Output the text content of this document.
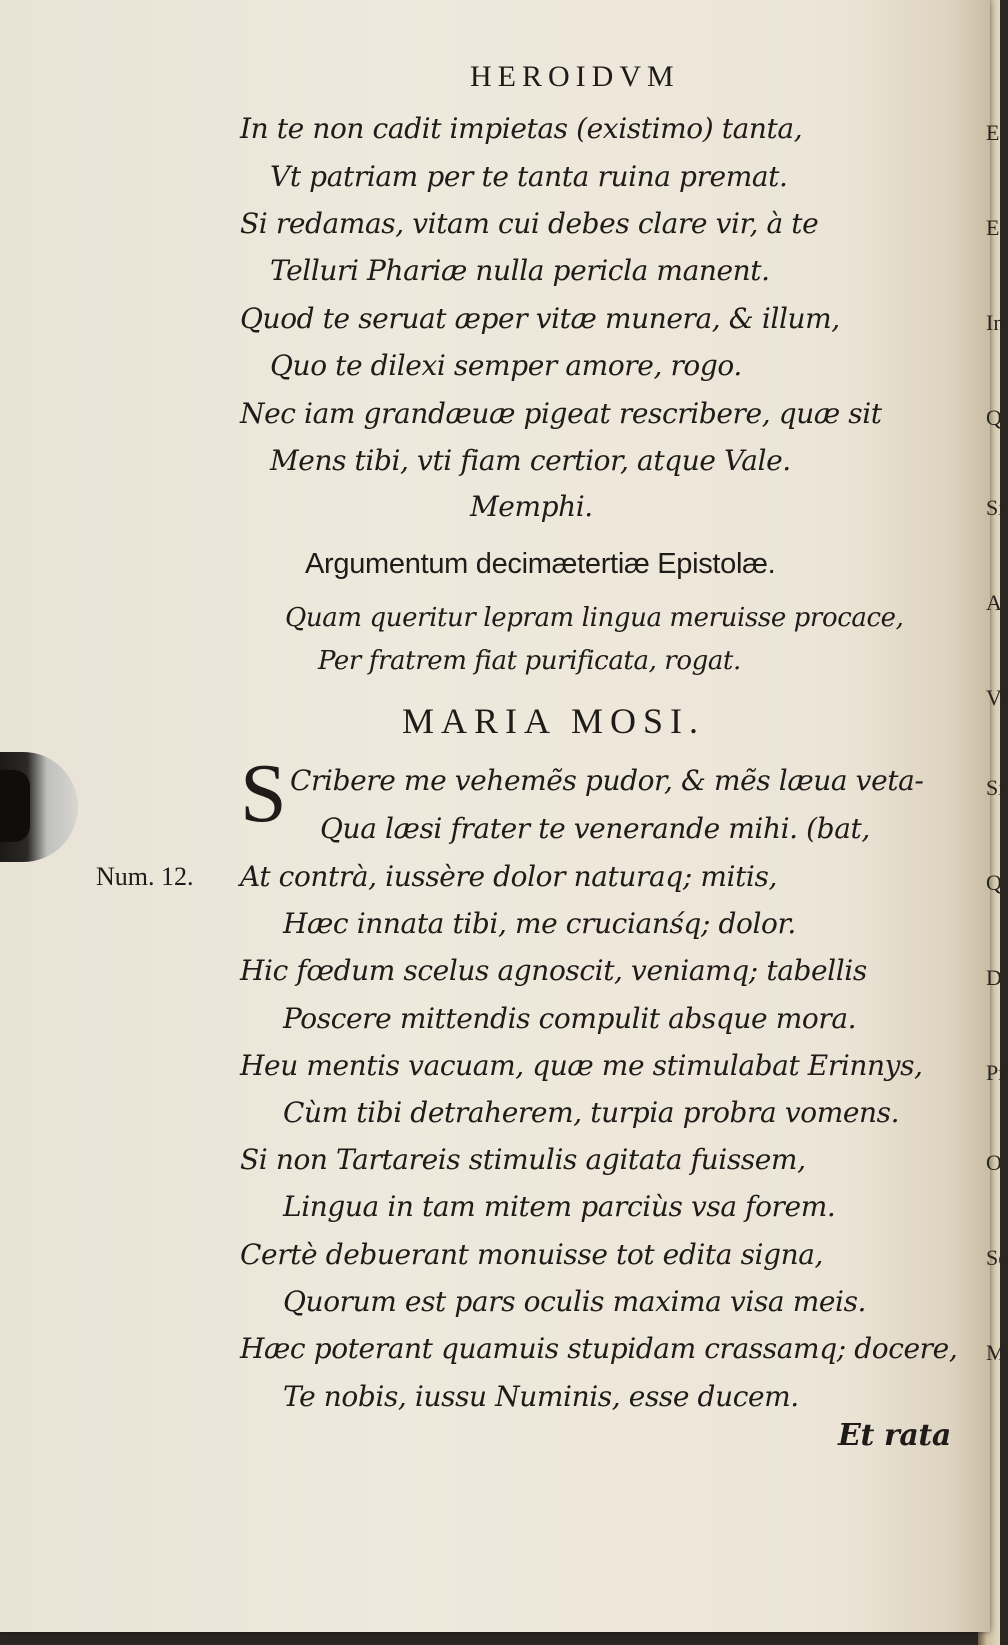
HEROIDVM
In te non cadit impietas (existimo) tanta,
Vt patriam per te tanta ruina premat.
Si redamas, vitam cui debes clare vir, à te
Telluri Phariæ nulla pericla manent.
Quod te seruat æper vitæ munera, & illum,
Quo te dilexi semper amore, rogo.
Nec iam grandæuæ pigeat rescribere, quæ sit
Mens tibi, vti fiam certior, atque Vale.
Memphi.
Argumentum decimætertiæ Epistolæ.
Quam queritur lepram lingua meruisse procace,
Per fratrem fiat purificata, rogat.
MARIA MOSI.
S
Num. 12.
Cribere me vehemẽs pudor, & mẽs læua veta-
Qua læsi frater te venerande mihi. (bat,
At contrà, iussère dolor naturaq; mitis,
Hæc innata tibi, me crucianśq; dolor.
Hic fœdum scelus agnoscit, veniamq; tabellis
Poscere mittendis compulit absque mora.
Heu mentis vacuam, quæ me stimulabat Erinnys,
Cùm tibi detraherem, turpia probra vomens.
Si non Tartareis stimulis agitata fuissem,
Lingua in tam mitem parciùs vsa forem.
Certè debuerant monuisse tot edita signa,
Quorum est pars oculis maxima visa meis.
Hæc poterant quamuis stupidam crassamq; docere,
Te nobis, iussu Numinis, esse ducem.
Et rata
E
E
In
Q
Si
A
Vi
Si
Q
D
Pr
O
Se
M
